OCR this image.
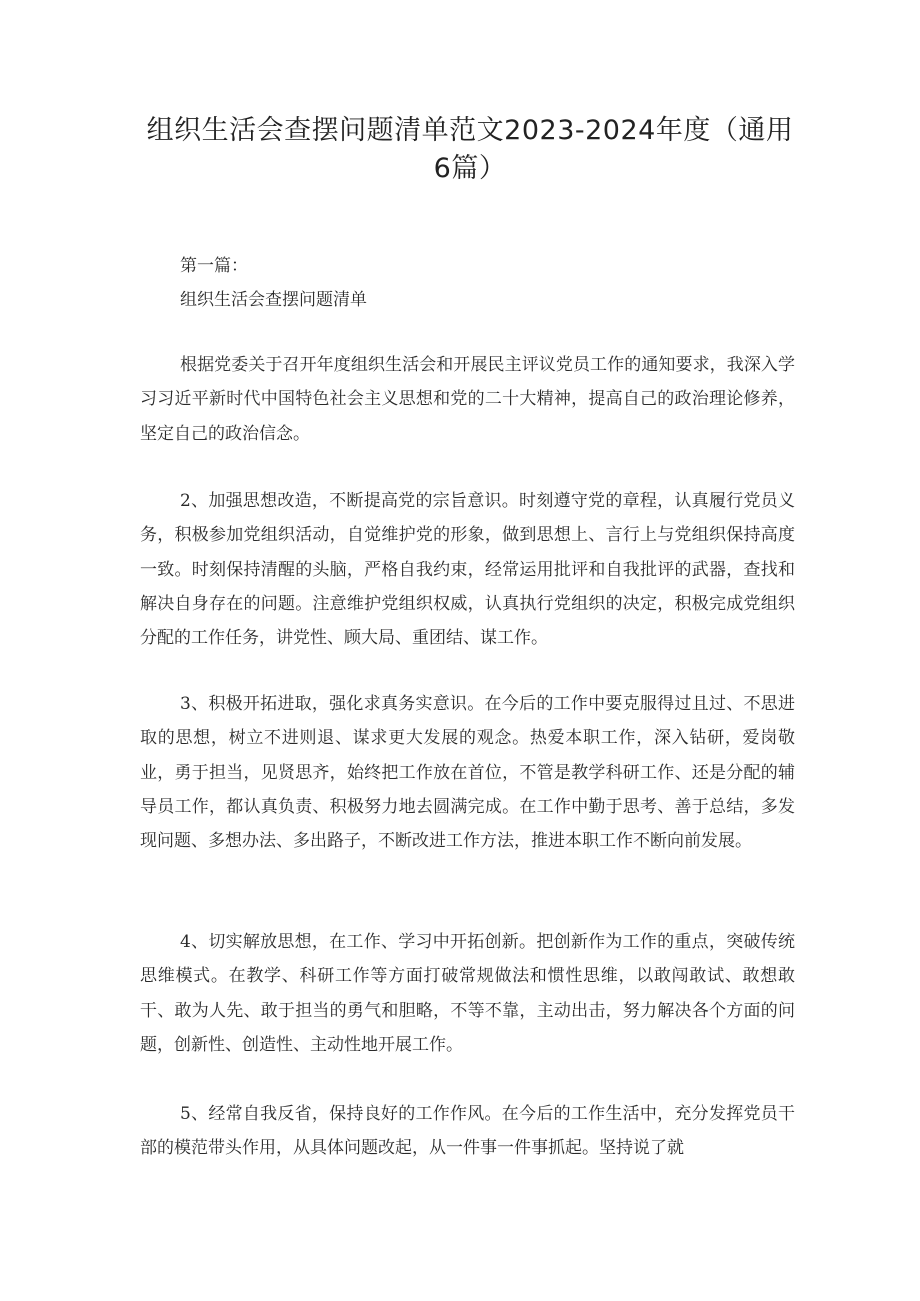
组织生活会查摆问题清单范文2023-2024年度（通用6篇）
第一篇：
组织生活会查摆问题清单
根据党委关于召开年度组织生活会和开展民主评议党员工作的通知要求，我深入学习习近平新时代中国特色社会主义思想和党的二十大精神，提高自己的政治理论修养，坚定自己的政治信念。
2、加强思想改造，不断提高党的宗旨意识。时刻遵守党的章程，认真履行党员义务，积极参加党组织活动，自觉维护党的形象，做到思想上、言行上与党组织保持高度一致。时刻保持清醒的头脑，严格自我约束，经常运用批评和自我批评的武器，查找和解决自身存在的问题。注意维护党组织权威，认真执行党组织的决定，积极完成党组织分配的工作任务，讲党性、顾大局、重团结、谋工作。
3、积极开拓进取，强化求真务实意识。在今后的工作中要克服得过且过、不思进取的思想，树立不进则退、谋求更大发展的观念。热爱本职工作，深入钻研，爱岗敬业，勇于担当，见贤思齐，始终把工作放在首位，不管是教学科研工作、还是分配的辅导员工作，都认真负责、积极努力地去圆满完成。在工作中勤于思考、善于总结，多发现问题、多想办法、多出路子，不断改进工作方法，推进本职工作不断向前发展。
4、切实解放思想，在工作、学习中开拓创新。把创新作为工作的重点，突破传统思维模式。在教学、科研工作等方面打破常规做法和惯性思维，以敢闯敢试、敢想敢干、敢为人先、敢于担当的勇气和胆略，不等不靠，主动出击，努力解决各个方面的问题，创新性、创造性、主动性地开展工作。
5、经常自我反省，保持良好的工作作风。在今后的工作生活中，充分发挥党员干部的模范带头作用，从具体问题改起，从一件事一件事抓起。坚持说了就
